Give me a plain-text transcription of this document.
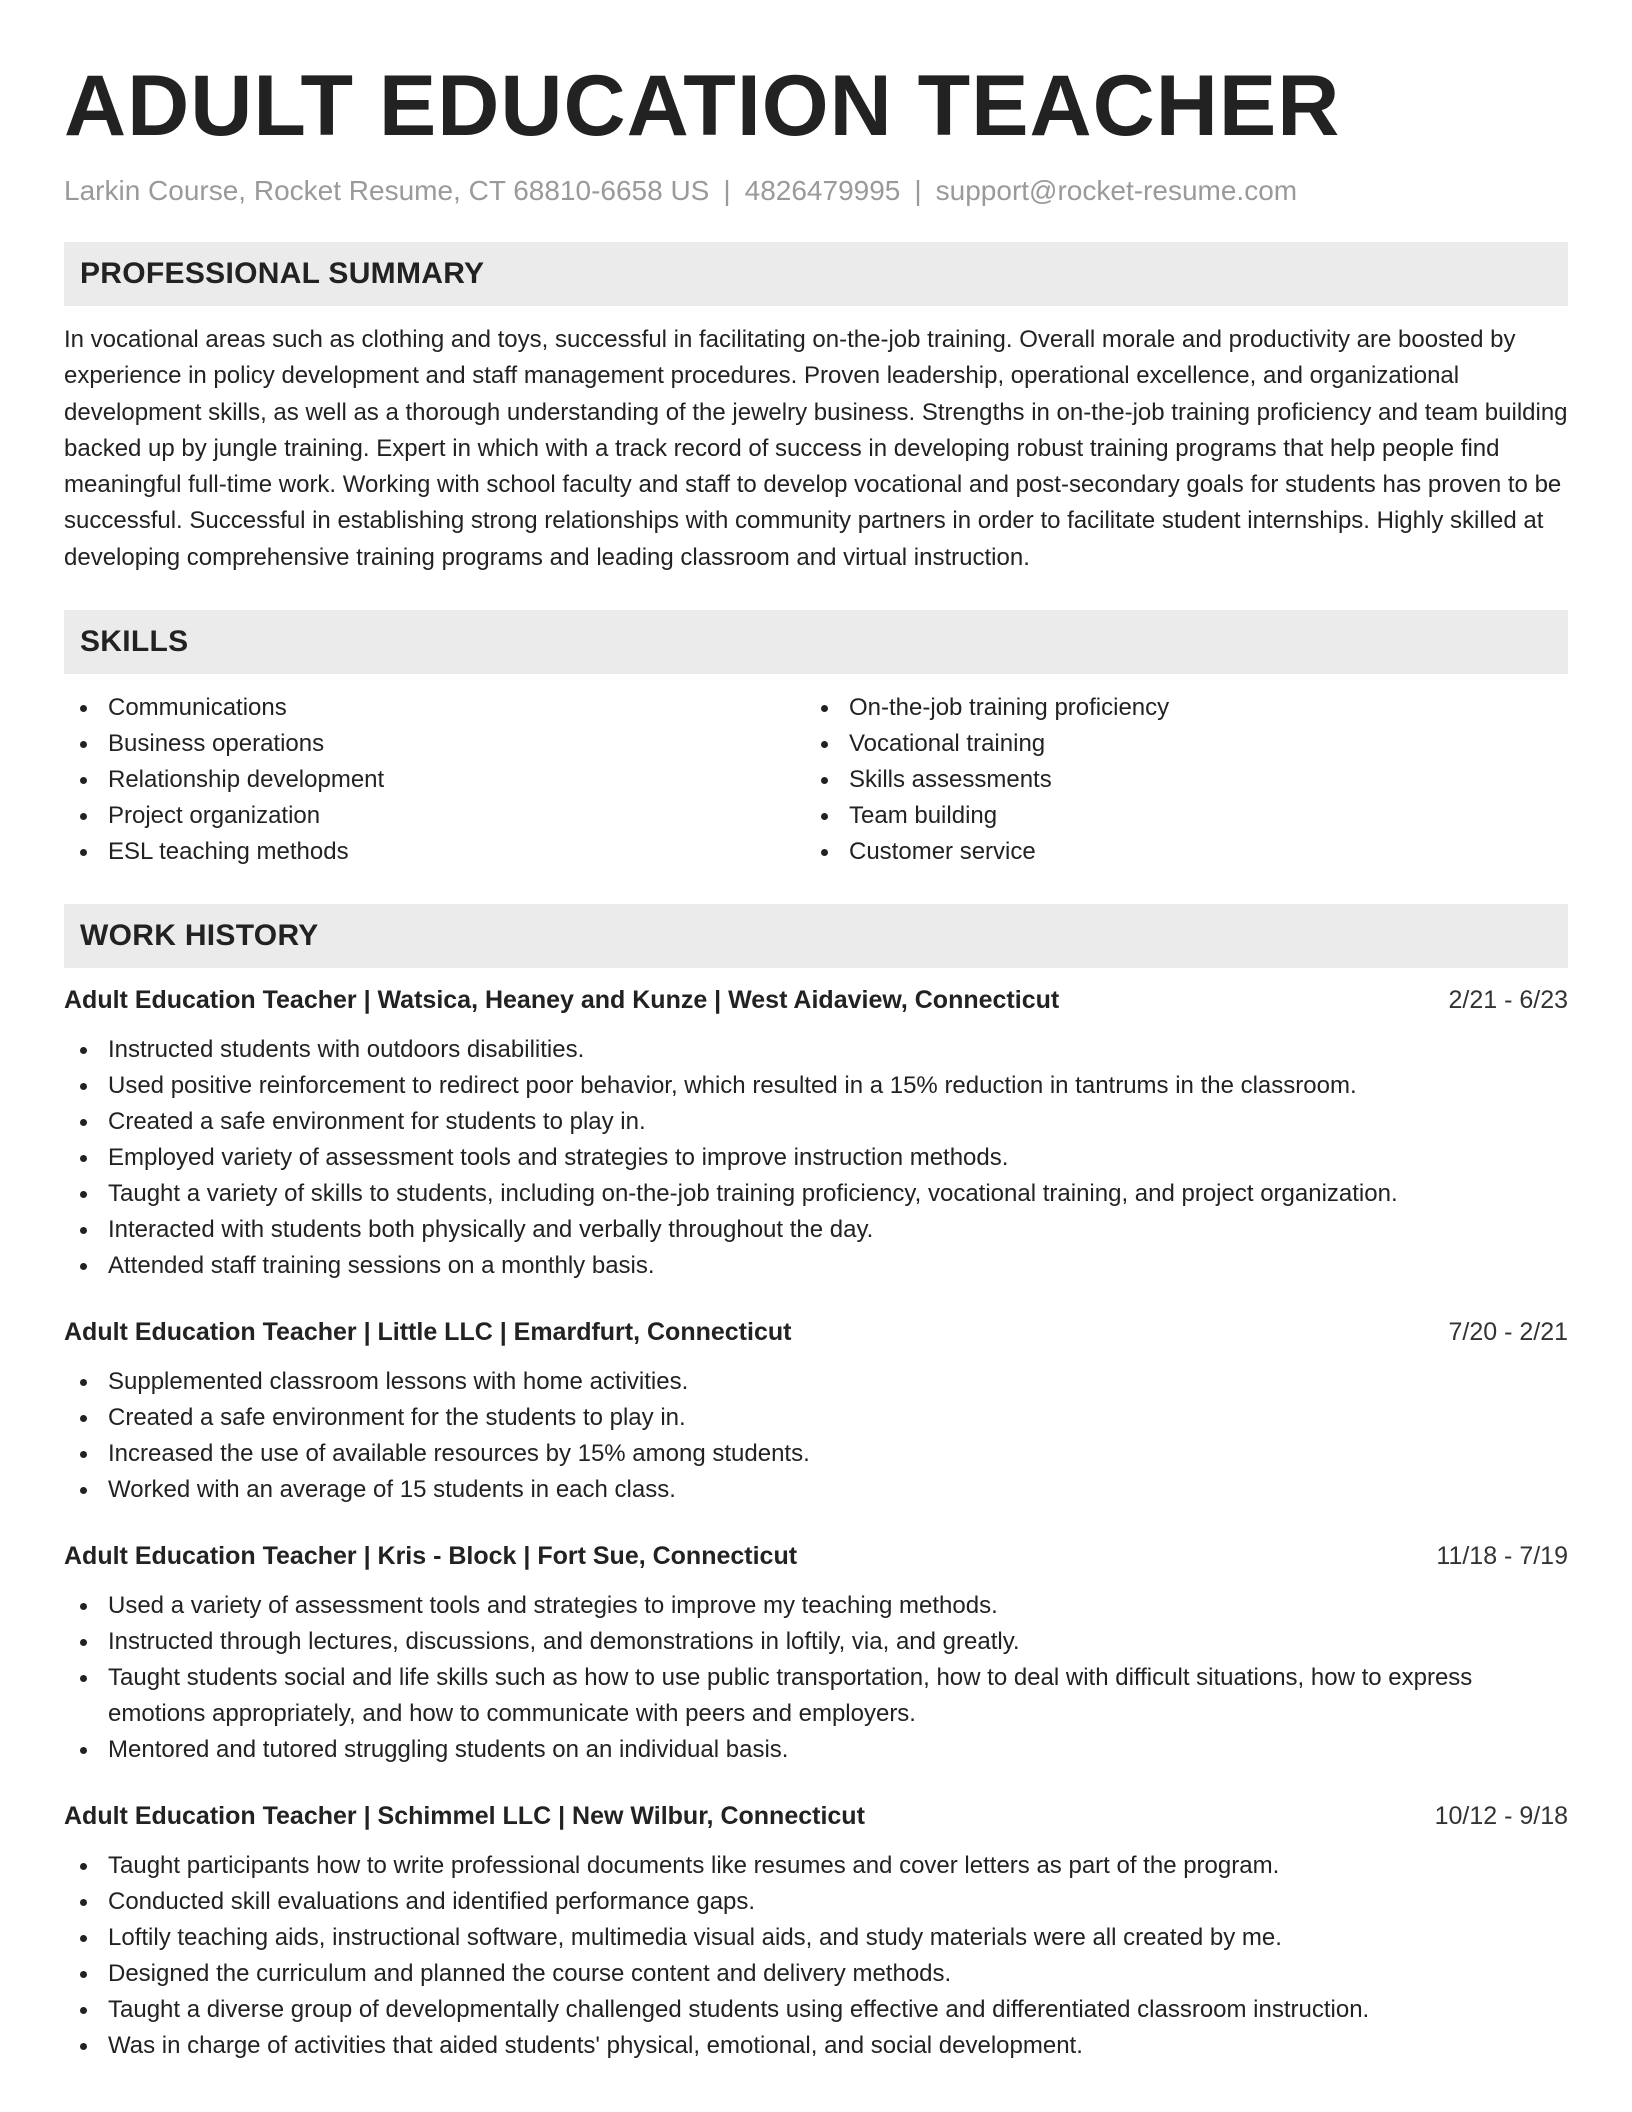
ADULT EDUCATION TEACHER
Larkin Course, Rocket Resume, CT 68810-6658 US | 4826479995 | support@rocket-resume.com
PROFESSIONAL SUMMARY
In vocational areas such as clothing and toys, successful in facilitating on-the-job training. Overall morale and productivity are boosted by experience in policy development and staff management procedures. Proven leadership, operational excellence, and organizational development skills, as well as a thorough understanding of the jewelry business. Strengths in on-the-job training proficiency and team building backed up by jungle training. Expert in which with a track record of success in developing robust training programs that help people find meaningful full-time work. Working with school faculty and staff to develop vocational and post-secondary goals for students has proven to be successful. Successful in establishing strong relationships with community partners in order to facilitate student internships. Highly skilled at developing comprehensive training programs and leading classroom and virtual instruction.
SKILLS
Communications
Business operations
Relationship development
Project organization
ESL teaching methods
On-the-job training proficiency
Vocational training
Skills assessments
Team building
Customer service
WORK HISTORY
Adult Education Teacher | Watsica, Heaney and Kunze | West Aidaview, Connecticut	2/21 - 6/23
Instructed students with outdoors disabilities.
Used positive reinforcement to redirect poor behavior, which resulted in a 15% reduction in tantrums in the classroom.
Created a safe environment for students to play in.
Employed variety of assessment tools and strategies to improve instruction methods.
Taught a variety of skills to students, including on-the-job training proficiency, vocational training, and project organization.
Interacted with students both physically and verbally throughout the day.
Attended staff training sessions on a monthly basis.
Adult Education Teacher | Little LLC | Emardfurt, Connecticut	7/20 - 2/21
Supplemented classroom lessons with home activities.
Created a safe environment for the students to play in.
Increased the use of available resources by 15% among students.
Worked with an average of 15 students in each class.
Adult Education Teacher | Kris - Block | Fort Sue, Connecticut	11/18 - 7/19
Used a variety of assessment tools and strategies to improve my teaching methods.
Instructed through lectures, discussions, and demonstrations in loftily, via, and greatly.
Taught students social and life skills such as how to use public transportation, how to deal with difficult situations, how to express emotions appropriately, and how to communicate with peers and employers.
Mentored and tutored struggling students on an individual basis.
Adult Education Teacher | Schimmel LLC | New Wilbur, Connecticut	10/12 - 9/18
Taught participants how to write professional documents like resumes and cover letters as part of the program.
Conducted skill evaluations and identified performance gaps.
Loftily teaching aids, instructional software, multimedia visual aids, and study materials were all created by me.
Designed the curriculum and planned the course content and delivery methods.
Taught a diverse group of developmentally challenged students using effective and differentiated classroom instruction.
Was in charge of activities that aided students' physical, emotional, and social development.
